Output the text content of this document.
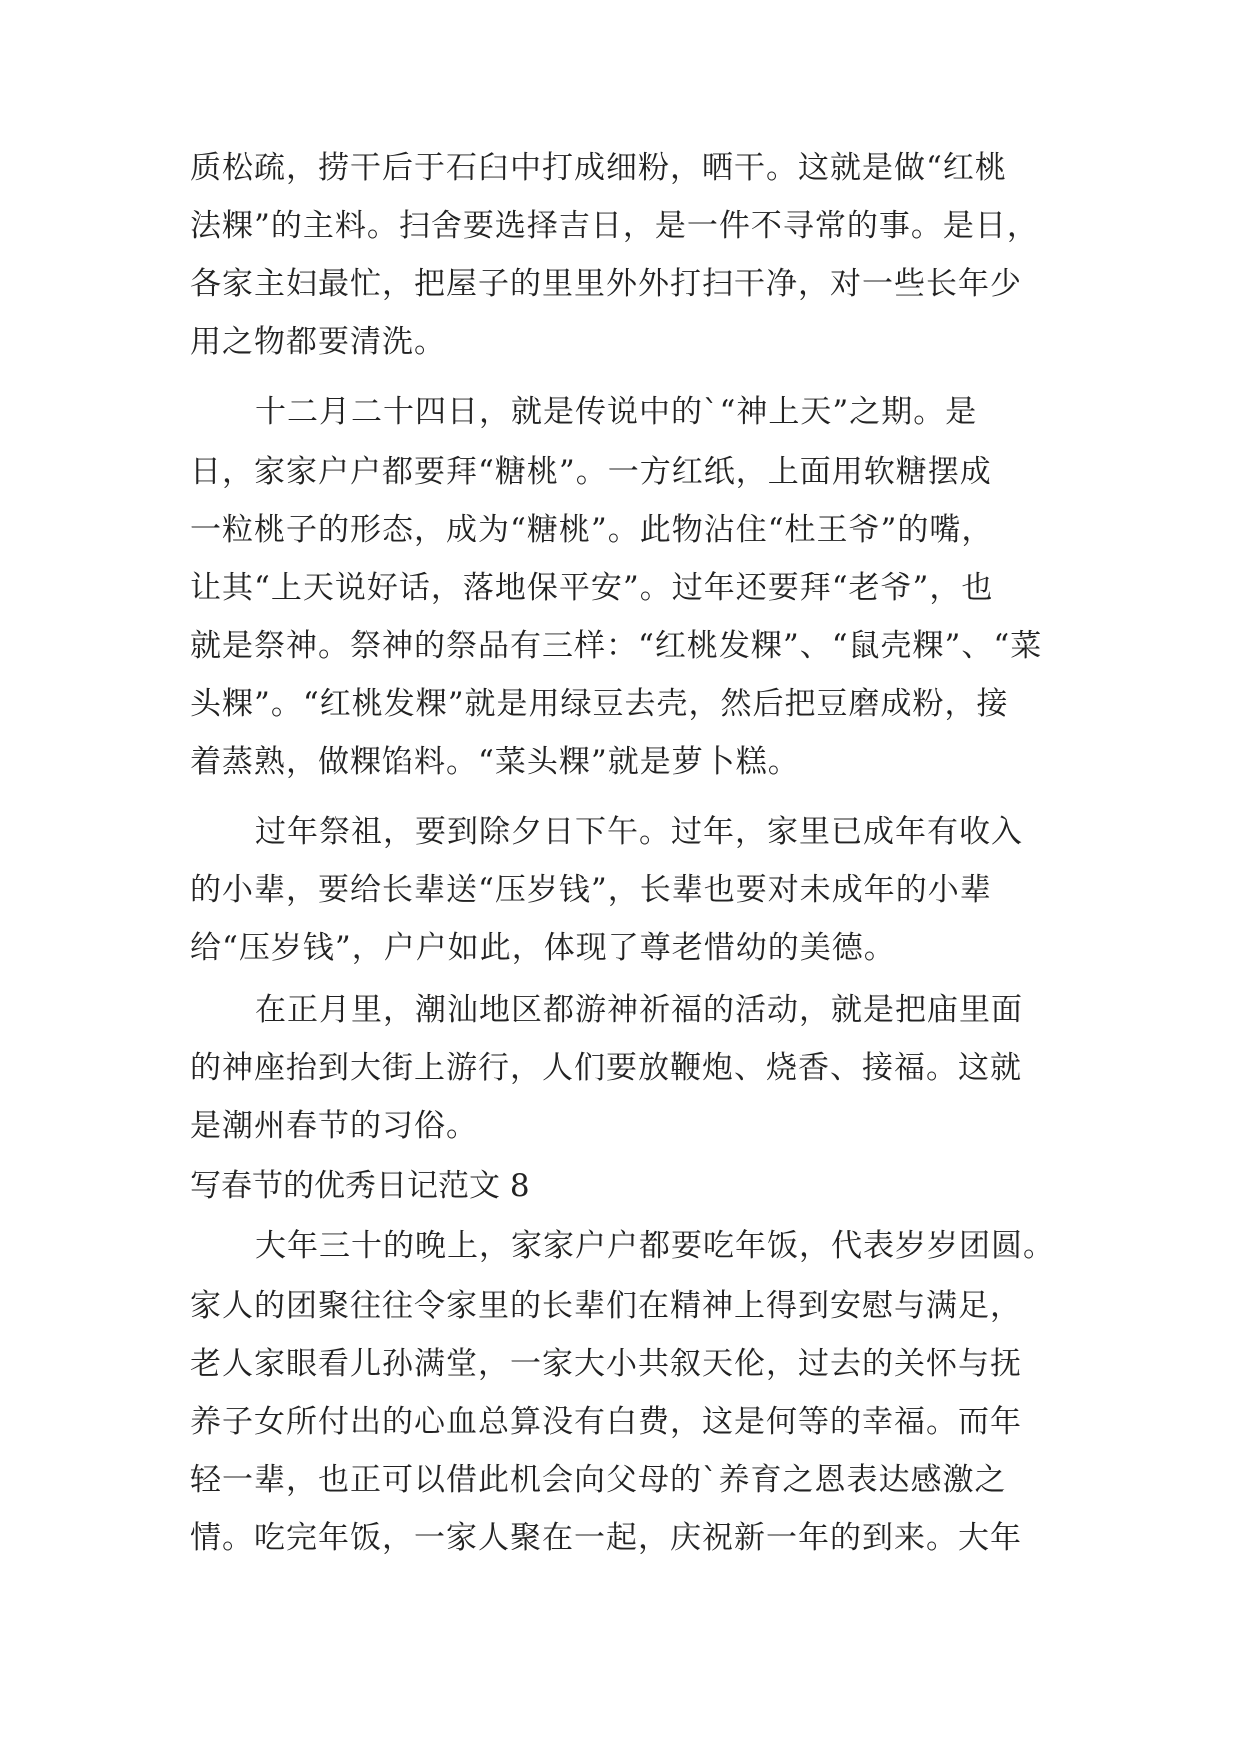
质松疏，捞干后于石臼中打成细粉，晒干。这就是做“红桃
法粿”的主料。扫舍要选择吉日，是一件不寻常的事。是日，
各家主妇最忙，把屋子的里里外外打扫干净，对一些长年少
用之物都要清洗。
十二月二十四日，就是传说中的`“神上天”之期。是
日，家家户户都要拜“糖桃”。一方红纸，上面用软糖摆成
一粒桃子的形态，成为“糖桃”。此物沾住“杜王爷”的嘴，
让其“上天说好话，落地保平安”。过年还要拜“老爷”，也
就是祭神。祭神的祭品有三样：“红桃发粿”、“鼠壳粿”、“菜
头粿”。“红桃发粿”就是用绿豆去壳，然后把豆磨成粉，接
着蒸熟，做粿馅料。“菜头粿”就是萝卜糕。
过年祭祖，要到除夕日下午。过年，家里已成年有收入
的小辈，要给长辈送“压岁钱”，长辈也要对未成年的小辈
给“压岁钱”，户户如此，体现了尊老惜幼的美德。
在正月里，潮汕地区都游神祈福的活动，就是把庙里面
的神座抬到大街上游行，人们要放鞭炮、烧香、接福。这就
是潮州春节的习俗。
写春节的优秀日记范文 8
大年三十的晚上，家家户户都要吃年饭，代表岁岁团圆。
家人的团聚往往令家里的长辈们在精神上得到安慰与满足，
老人家眼看儿孙满堂，一家大小共叙天伦，过去的关怀与抚
养子女所付出的心血总算没有白费，这是何等的幸福。而年
轻一辈，也正可以借此机会向父母的`养育之恩表达感激之
情。吃完年饭，一家人聚在一起，庆祝新一年的到来。大年
